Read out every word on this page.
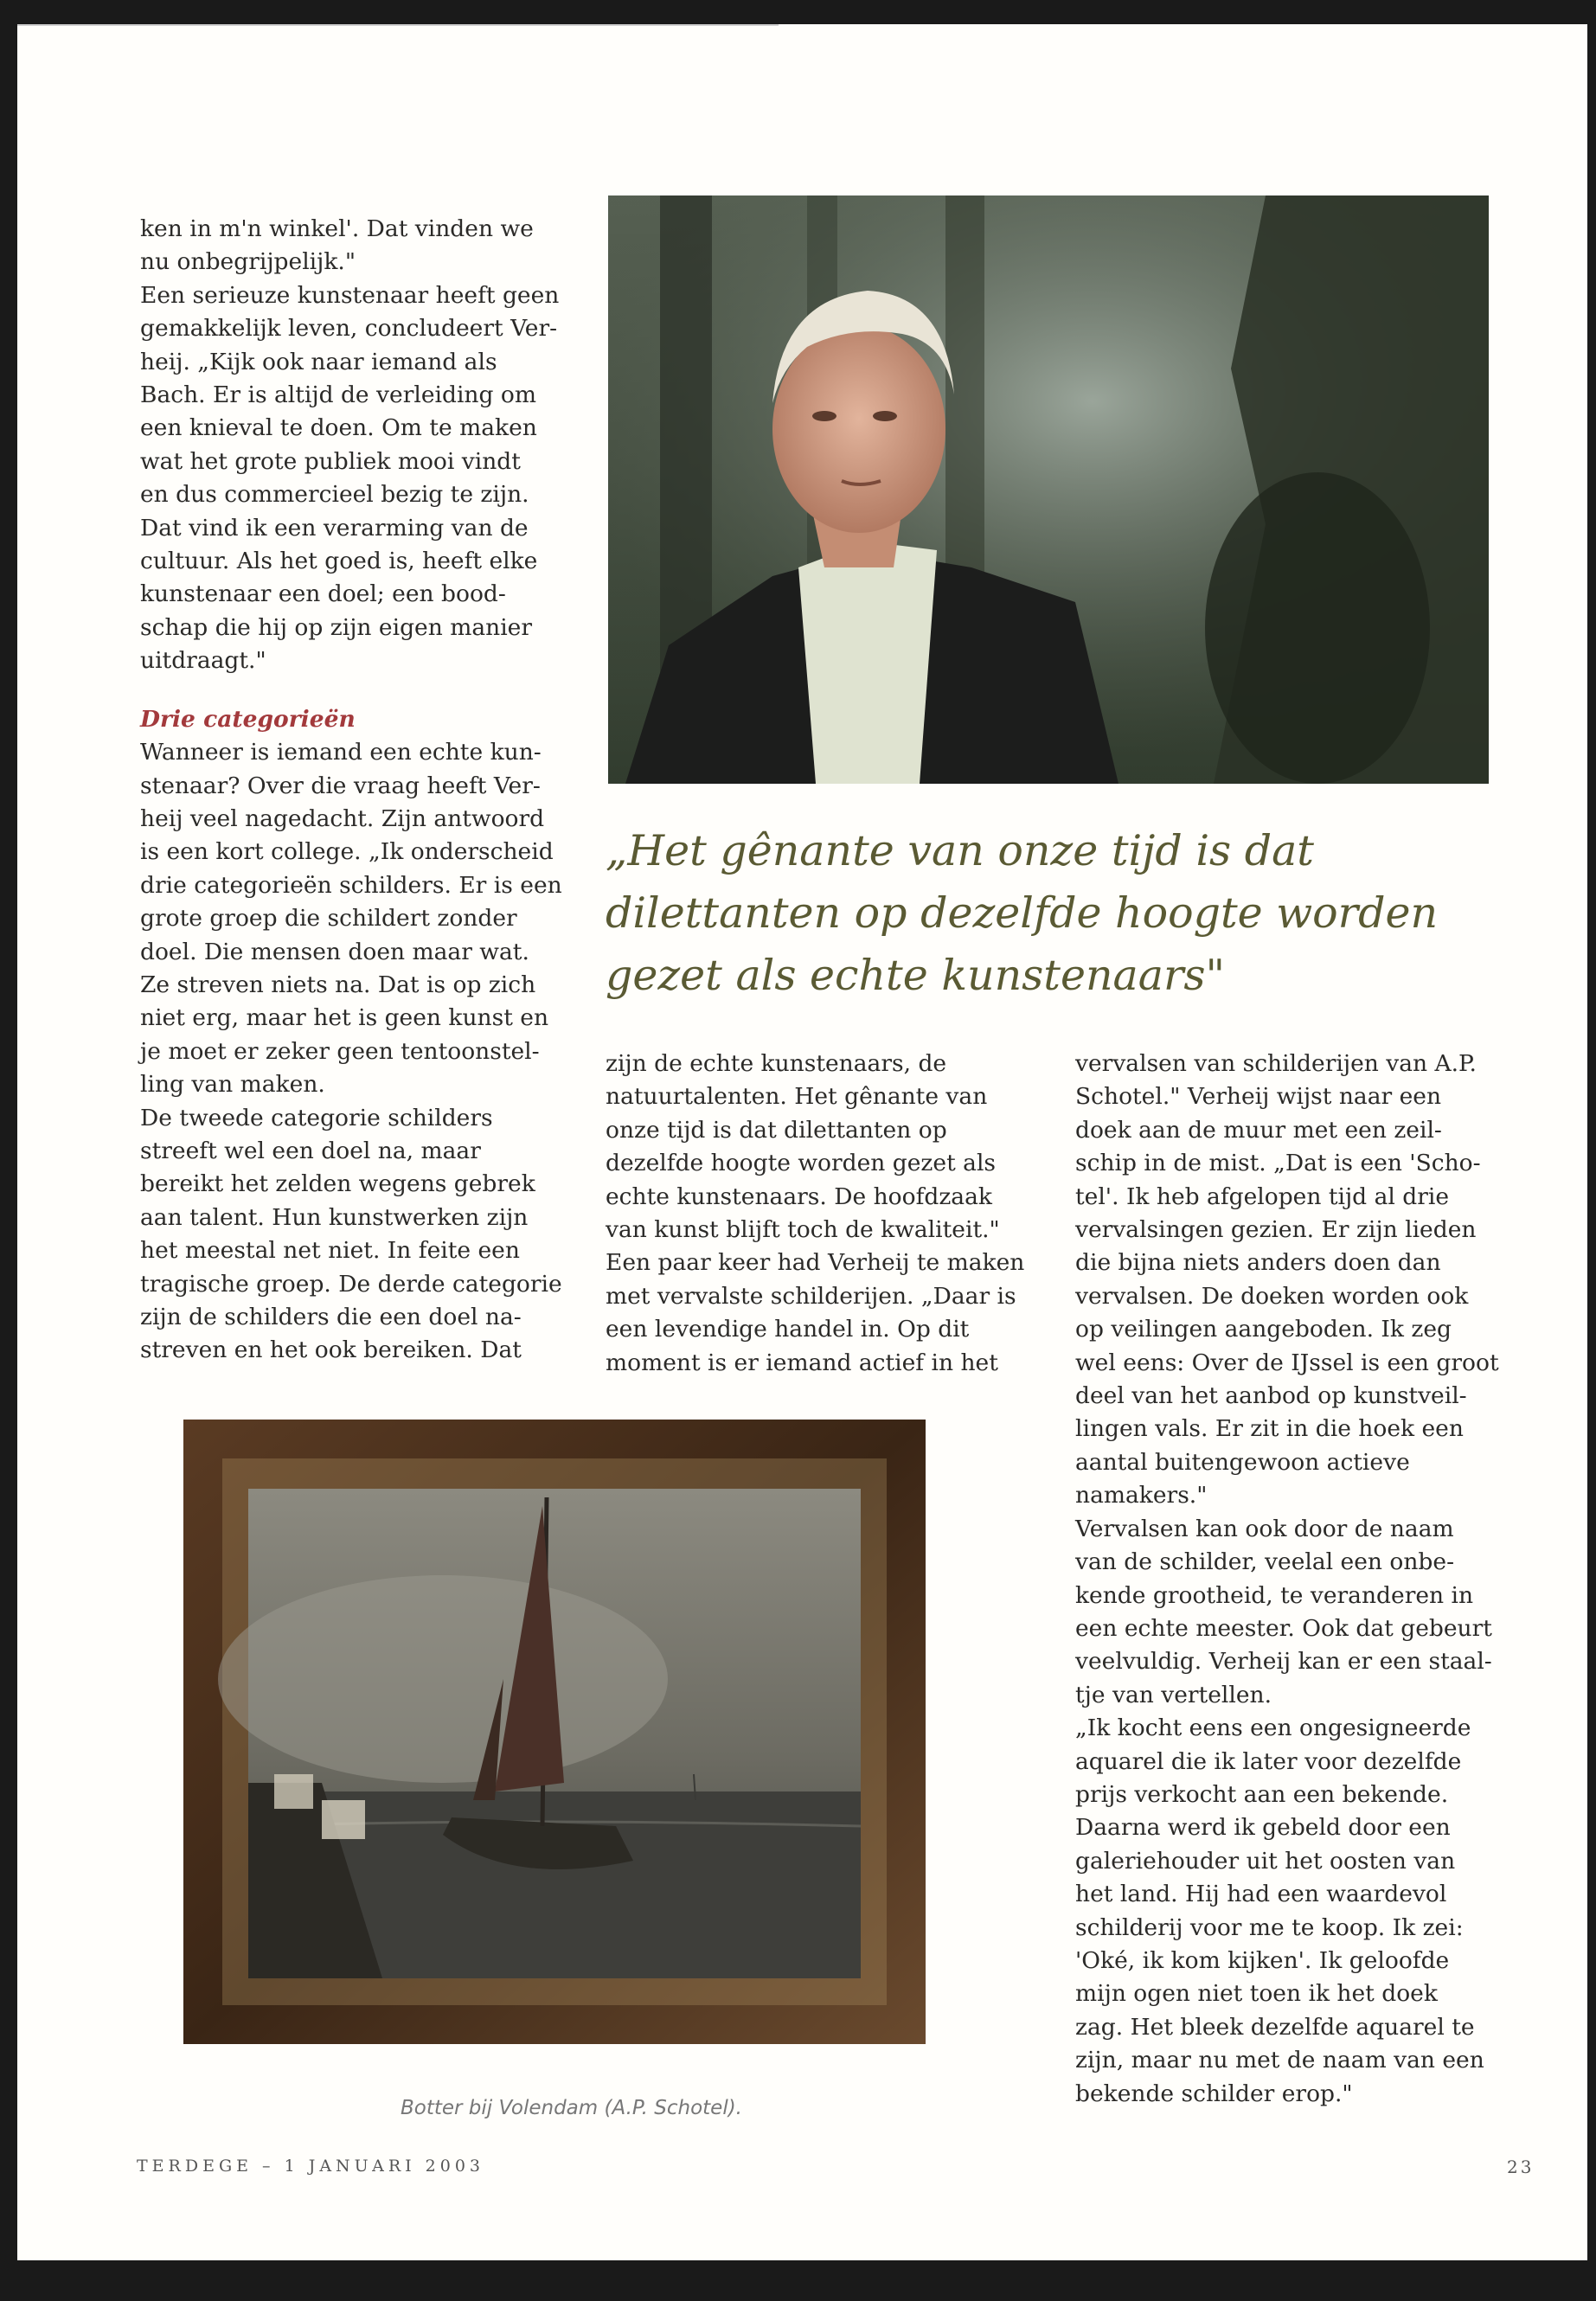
ken in m'n winkel'. Dat vinden we

nu onbegrijpelijk."

Een serieuze kunstenaar heeft geen

gemakkelijk leven, concludeert Ver-

heij. „Kijk ook naar iemand als

Bach. Er is altijd de verleiding om

een knieval te doen. Om te maken

wat het grote publiek mooi vindt

en dus commercieel bezig te zijn.

Dat vind ik een verarming van de

cultuur. Als het goed is, heeft elke

kunstenaar een doel; een bood-

schap die hij op zijn eigen manier

uitdraagt."

Drie categorieën

Wanneer is iemand een echte kun-

stenaar? Over die vraag heeft Ver-

heij veel nagedacht. Zijn antwoord

is een kort college. „Ik onderscheid

drie categorieën schilders. Er is een

grote groep die schildert zonder

doel. Die mensen doen maar wat.

Ze streven niets na. Dat is op zich

niet erg, maar het is geen kunst en

je moet er zeker geen tentoonstel-

ling van maken.

De tweede categorie schilders

streeft wel een doel na, maar

bereikt het zelden wegens gebrek

aan talent. Hun kunstwerken zijn

het meestal net niet. In feite een

tragische groep. De derde categorie

zijn de schilders die een doel na-

streven en het ook bereiken. Dat

„Het gênante van onze tijd is dat

dilettanten op dezelfde hoogte worden

gezet als echte kunstenaars"

zijn de echte kunstenaars, de

natuurtalenten. Het gênante van

onze tijd is dat dilettanten op

dezelfde hoogte worden gezet als

echte kunstenaars. De hoofdzaak

van kunst blijft toch de kwaliteit."

Een paar keer had Verheij te maken

met vervalste schilderijen. „Daar is

een levendige handel in. Op dit

moment is er iemand actief in het

vervalsen van schilderijen van A.P.

Schotel." Verheij wijst naar een

doek aan de muur met een zeil-

schip in de mist. „Dat is een 'Scho-

tel'. Ik heb afgelopen tijd al drie

vervalsingen gezien. Er zijn lieden

die bijna niets anders doen dan

vervalsen. De doeken worden ook

op veilingen aangeboden. Ik zeg

wel eens: Over de IJssel is een groot

deel van het aanbod op kunstveil-

lingen vals. Er zit in die hoek een

aantal buitengewoon actieve

namakers."

Vervalsen kan ook door de naam

van de schilder, veelal een onbe-

kende grootheid, te veranderen in

een echte meester. Ook dat gebeurt

veelvuldig. Verheij kan er een staal-

tje van vertellen.

„Ik kocht eens een ongesigneerde

aquarel die ik later voor dezelfde

prijs verkocht aan een bekende.

Daarna werd ik gebeld door een

galeriehouder uit het oosten van

het land. Hij had een waardevol

schilderij voor me te koop. Ik zei:

'Oké, ik kom kijken'. Ik geloofde

mijn ogen niet toen ik het doek

zag. Het bleek dezelfde aquarel te

zijn, maar nu met de naam van een

bekende schilder erop."

Botter bij Volendam (A.P. Schotel).
TERDEGE – 1 JANUARI 2003	23
